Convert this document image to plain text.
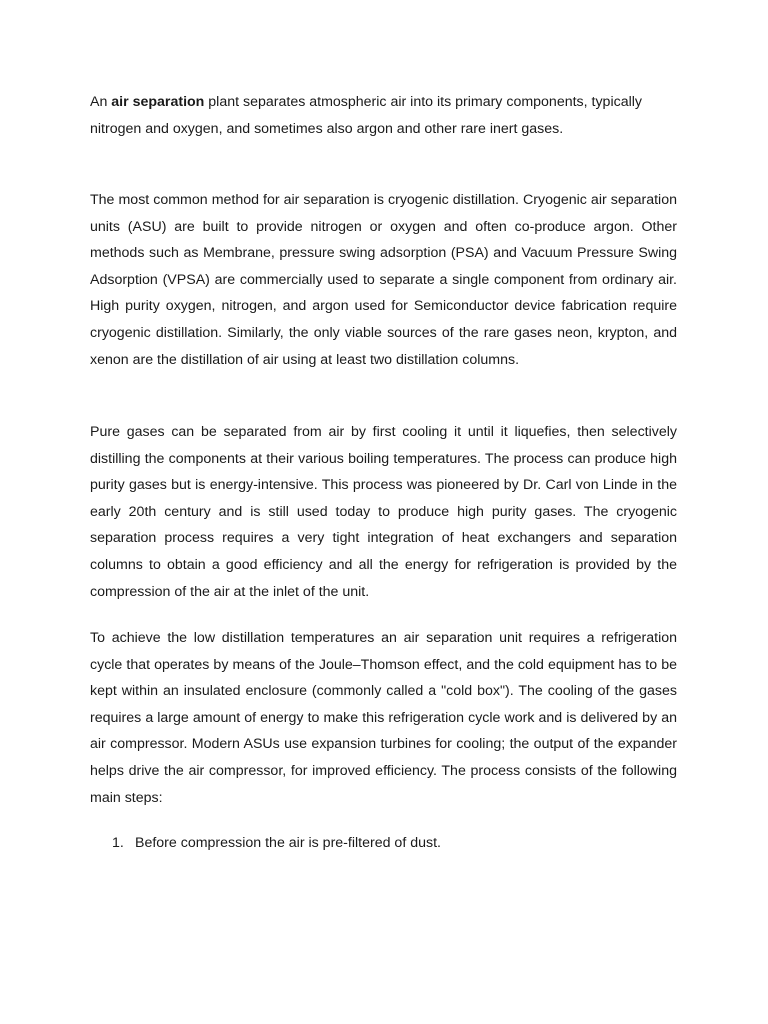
An air separation plant separates atmospheric air into its primary components, typically nitrogen and oxygen, and sometimes also argon and other rare inert gases.

The most common method for air separation is cryogenic distillation. Cryogenic air separation units (ASU) are built to provide nitrogen or oxygen and often co-produce argon. Other methods such as Membrane, pressure swing adsorption (PSA) and Vacuum Pressure Swing Adsorption (VPSA) are commercially used to separate a single component from ordinary air. High purity oxygen, nitrogen, and argon used for Semiconductor device fabrication require cryogenic distillation. Similarly, the only viable sources of the rare gases neon, krypton, and xenon are the distillation of air using at least two distillation columns.

Pure gases can be separated from air by first cooling it until it liquefies, then selectively distilling the components at their various boiling temperatures. The process can produce high purity gases but is energy-intensive. This process was pioneered by Dr. Carl von Linde in the early 20th century and is still used today to produce high purity gases. The cryogenic separation process requires a very tight integration of heat exchangers and separation columns to obtain a good efficiency and all the energy for refrigeration is provided by the compression of the air at the inlet of the unit.

To achieve the low distillation temperatures an air separation unit requires a refrigeration cycle that operates by means of the Joule–Thomson effect, and the cold equipment has to be kept within an insulated enclosure (commonly called a "cold box"). The cooling of the gases requires a large amount of energy to make this refrigeration cycle work and is delivered by an air compressor. Modern ASUs use expansion turbines for cooling; the output of the expander helps drive the air compressor, for improved efficiency. The process consists of the following main steps:

1. Before compression the air is pre-filtered of dust.
